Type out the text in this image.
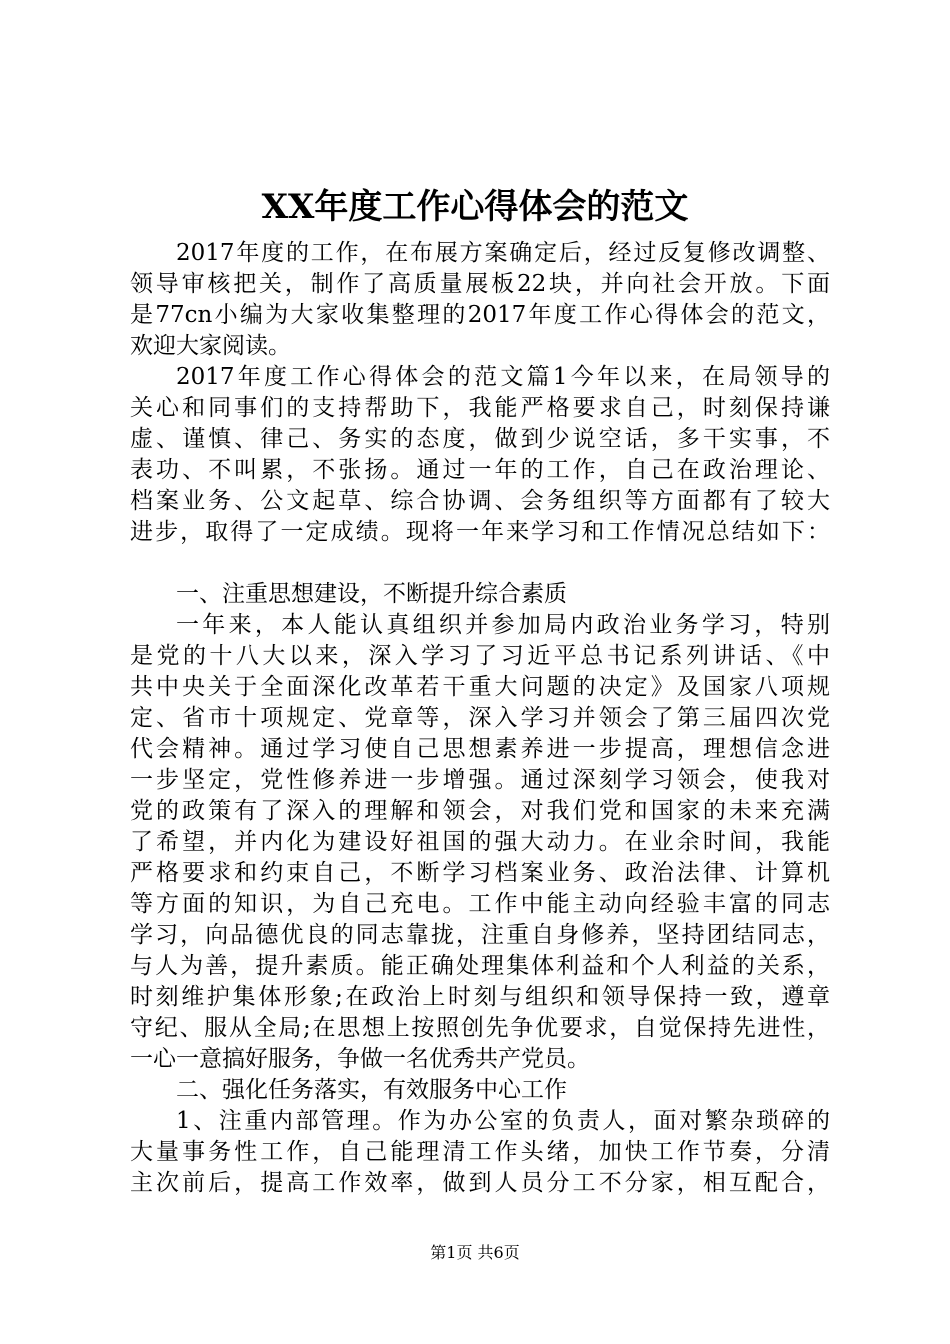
XX年度工作心得体会的范文
2017年度的工作，在布展方案确定后，经过反复修改调整、
领导审核把关，制作了高质量展板22块，并向社会开放。下面
是77cn小编为大家收集整理的2017年度工作心得体会的范文，
欢迎大家阅读。
2017年度工作心得体会的范文篇1今年以来，在局领导的
关心和同事们的支持帮助下，我能严格要求自己，时刻保持谦
虚、谨慎、律己、务实的态度，做到少说空话，多干实事，不
表功、不叫累，不张扬。通过一年的工作，自己在政治理论、
档案业务、公文起草、综合协调、会务组织等方面都有了较大
进步，取得了一定成绩。现将一年来学习和工作情况总结如下：
一、注重思想建设，不断提升综合素质
一年来，本人能认真组织并参加局内政治业务学习，特别
是党的十八大以来，深入学习了习近平总书记系列讲话、《中
共中央关于全面深化改革若干重大问题的决定》及国家八项规
定、省市十项规定、党章等，深入学习并领会了第三届四次党
代会精神。通过学习使自己思想素养进一步提高，理想信念进
一步坚定，党性修养进一步增强。通过深刻学习领会，使我对
党的政策有了深入的理解和领会，对我们党和国家的未来充满
了希望，并内化为建设好祖国的强大动力。在业余时间，我能
严格要求和约束自己，不断学习档案业务、政治法律、计算机
等方面的知识，为自己充电。工作中能主动向经验丰富的同志
学习，向品德优良的同志靠拢，注重自身修养，坚持团结同志，
与人为善，提升素质。能正确处理集体利益和个人利益的关系，
时刻维护集体形象;在政治上时刻与组织和领导保持一致，遵章
守纪、服从全局;在思想上按照创先争优要求，自觉保持先进性，
一心一意搞好服务，争做一名优秀共产党员。
二、强化任务落实，有效服务中心工作
1、注重内部管理。作为办公室的负责人，面对繁杂琐碎的
大量事务性工作，自己能理清工作头绪，加快工作节奏，分清
主次前后，提高工作效率，做到人员分工不分家，相互配合，
第1页 共6页
